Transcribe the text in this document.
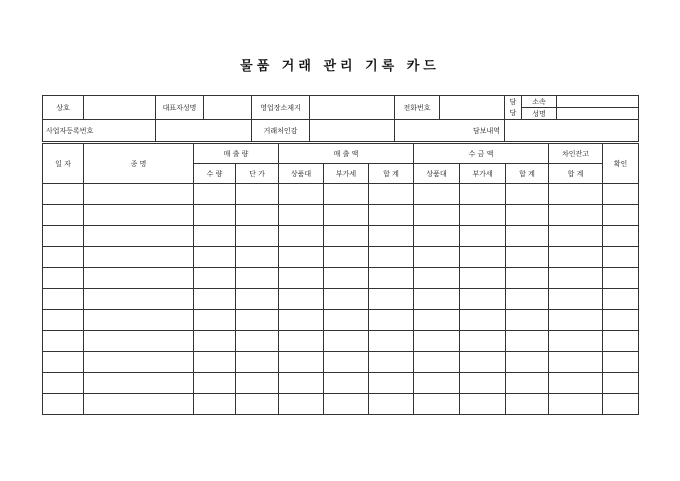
물품 거래 관리 기록 카드
상호		대표자성명		영업장소재지		전화번호		담	소속	
								당	성명	
사업자등록번호				거래처인감		담보내역				
일 자	종 명	매 출 량		매 출 액			수 금 액			차인잔고	확인
		수 량	단 가	상품대	부가세	합 계	상품대	부가세	합 계	합 계	
